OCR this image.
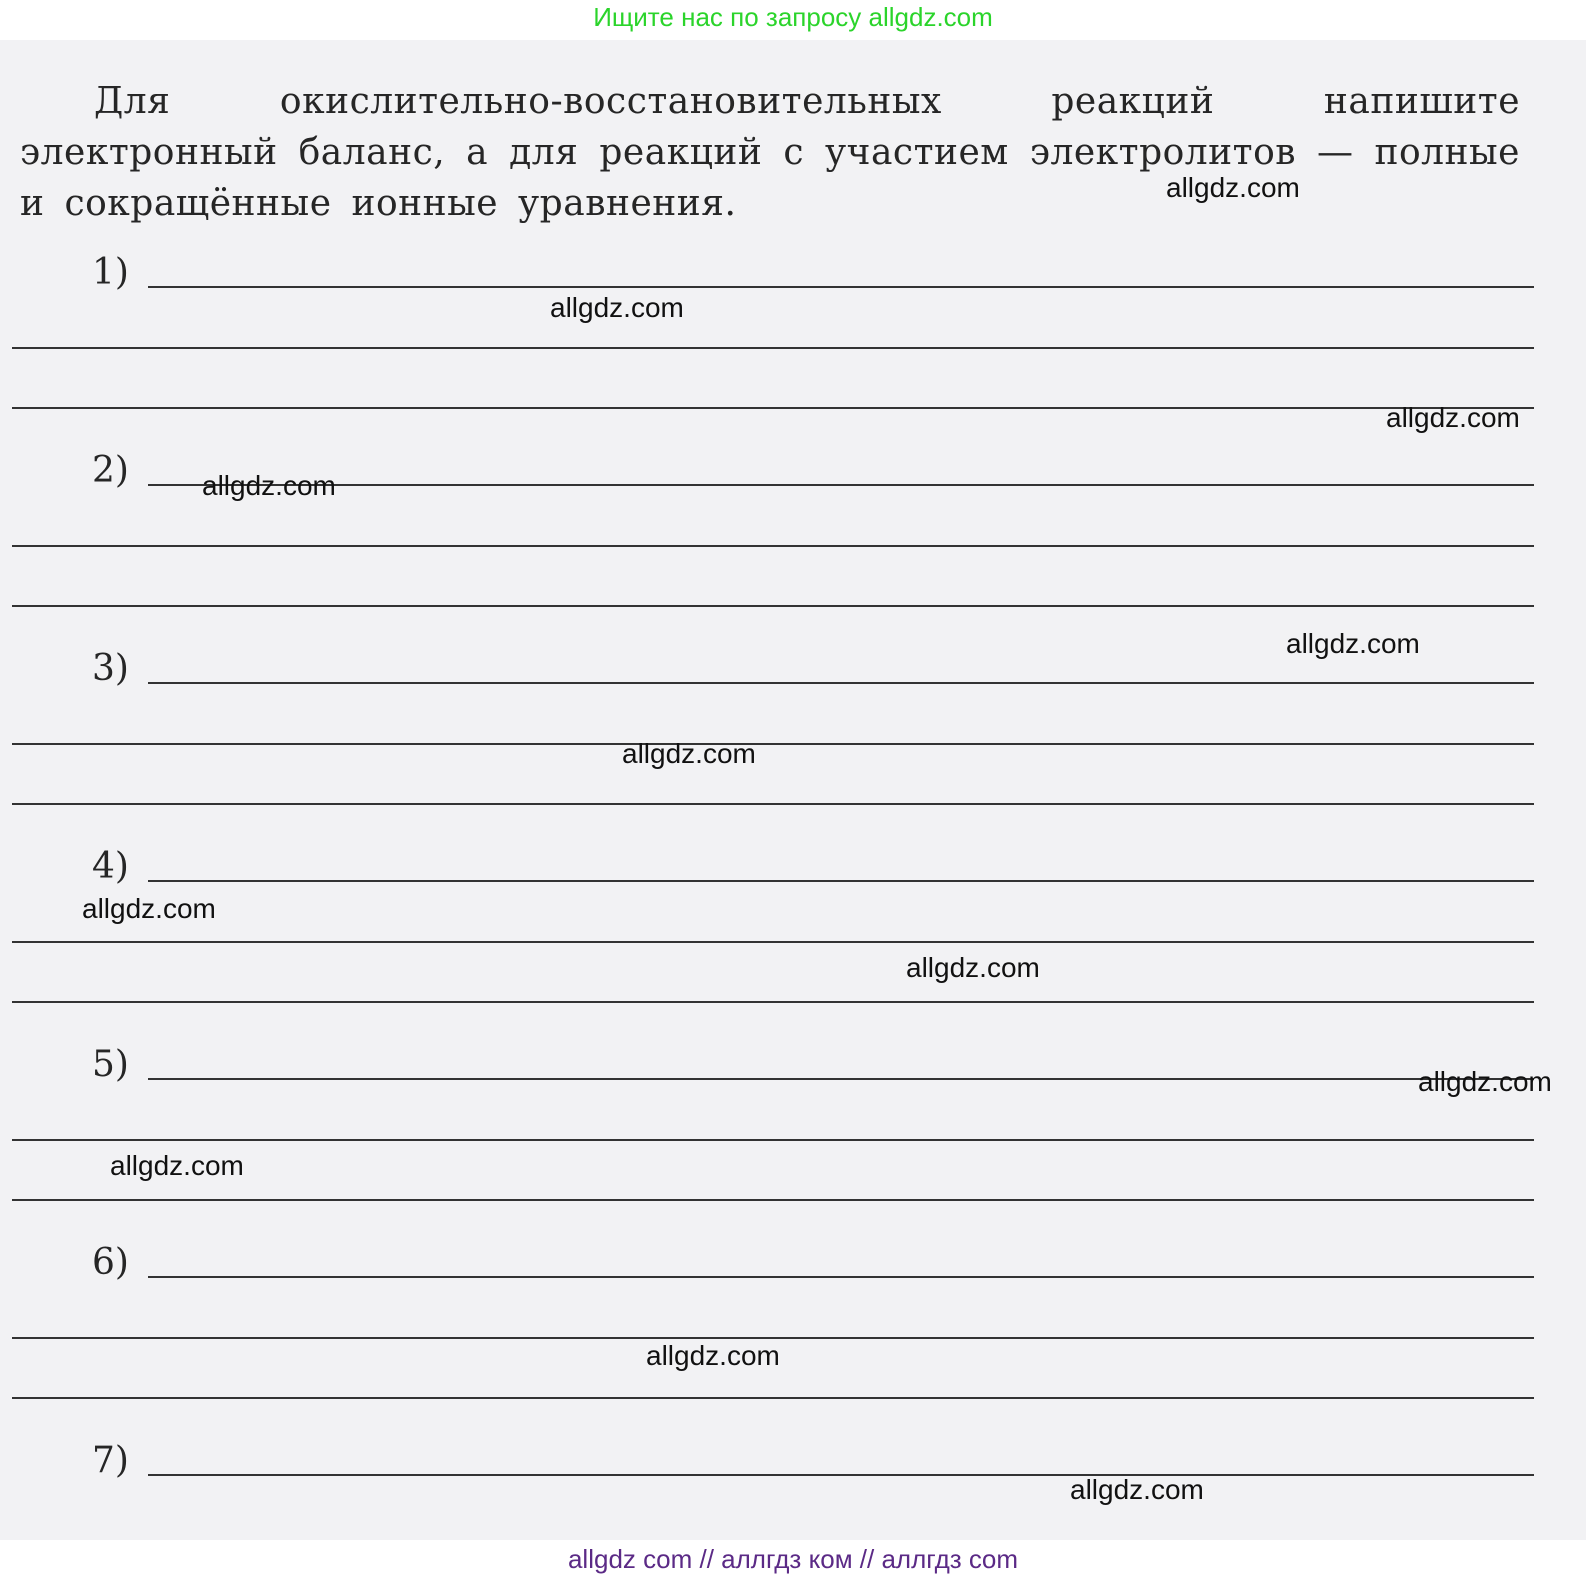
Ищите нас по запросу allgdz.com
Для окислительно-восстановительных реакций напишите электронный баланс, а для реакций с участием электролитов — полные и сокращённые ионные уравнения.
1)
2)
3)
4)
5)
6)
7)
allgdz.com
allgdz.com
allgdz.com
allgdz.com
allgdz.com
allgdz.com
allgdz.com
allgdz.com
allgdz.com
allgdz.com
allgdz.com
allgdz.com
allgdz com // аллгдз ком // аллгдз com
